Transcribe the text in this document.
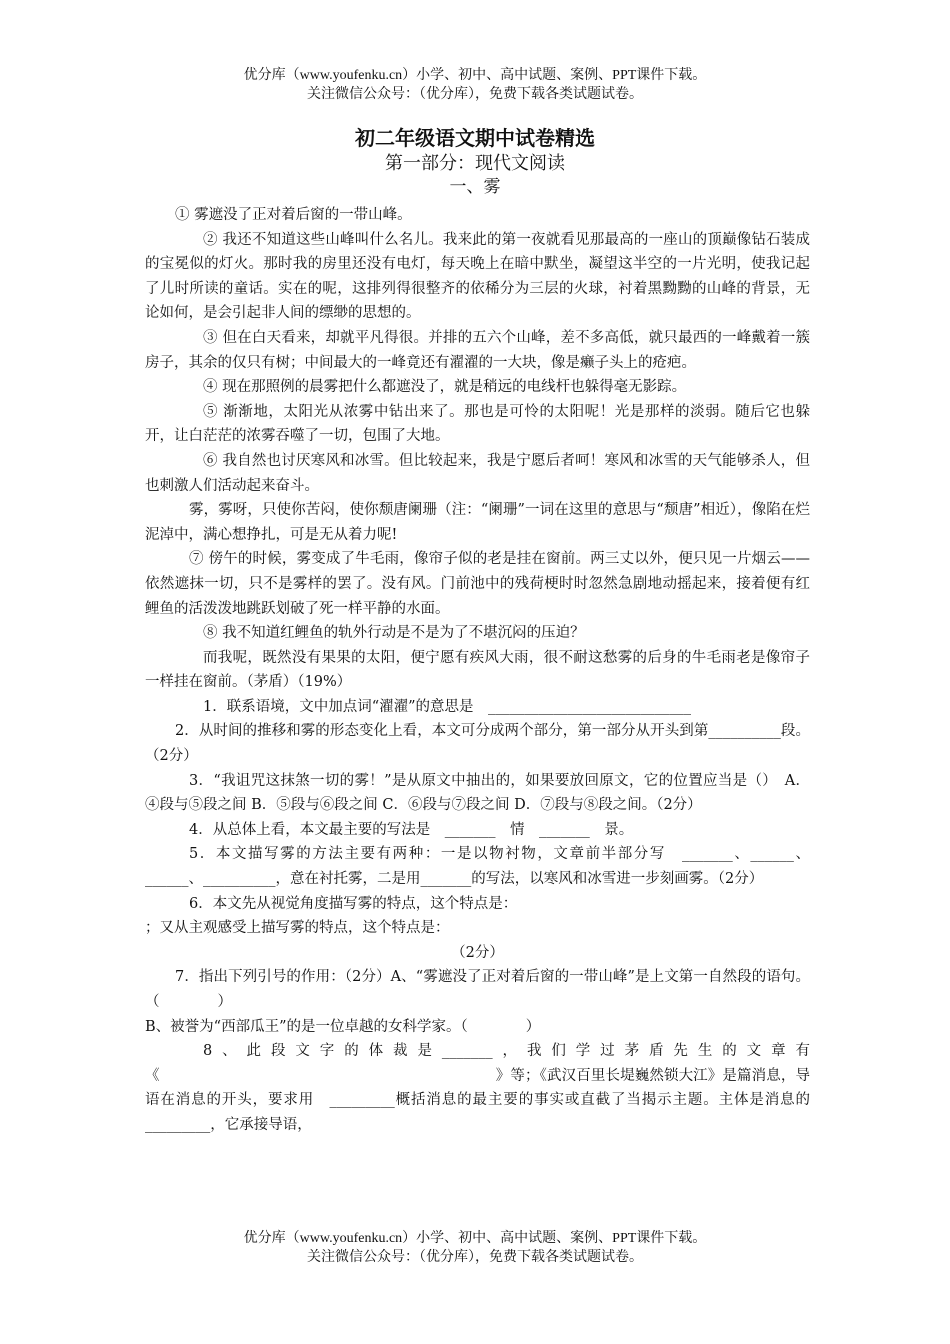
优分库（www.youfenku.cn）小学、初中、高中试题、案例、PPT课件下载。
关注微信公众号：（优分库），免费下载各类试题试卷。
初二年级语文期中试卷精选
第一部分：现代文阅读
一、雾

① 雾遮没了正对着后窗的一带山峰。

② 我还不知道这些山峰叫什么名儿。我来此的第一夜就看见那最高的一座山的顶巅像钻石装成的宝冕似的灯火。那时我的房里还没有电灯，每天晚上在暗中默坐，凝望这半空的一片光明，使我记起了儿时所读的童话。实在的呢，这排列得很整齐的依稀分为三层的火球，衬着黑黝黝的山峰的背景，无论如何，是会引起非人间的缥缈的思想的。

③ 但在白天看来，却就平凡得很。并排的五六个山峰，差不多高低，就只最西的一峰戴着一簇房子，其余的仅只有树；中间最大的一峰竟还有濯濯的一大块，像是癞子头上的疮疤。

④ 现在那照例的晨雾把什么都遮没了，就是稍远的电线杆也躲得毫无影踪。

⑤ 渐渐地，太阳光从浓雾中钻出来了。那也是可怜的太阳呢！光是那样的淡弱。随后它也躲开，让白茫茫的浓雾吞噬了一切，包围了大地。

⑥ 我自然也讨厌寒风和冰雪。但比较起来，我是宁愿后者呵！寒风和冰雪的天气能够杀人，但也刺激人们活动起来奋斗。

雾，雾呀，只使你苦闷，使你颓唐阑珊（注：“阑珊”一词在这里的意思与“颓唐”相近），像陷在烂泥淖中，满心想挣扎，可是无从着力呢!

⑦ 傍午的时候，雾变成了牛毛雨，像帘子似的老是挂在窗前。两三丈以外，便只见一片烟云——依然遮抹一切，只不是雾样的罢了。没有风。门前池中的残荷梗时时忽然急剧地动摇起来，接着便有红鲤鱼的活泼泼地跳跃划破了死一样平静的水面。

⑧ 我不知道红鲤鱼的轨外行动是不是为了不堪沉闷的压迫？

而我呢，既然没有果果的太阳，便宁愿有疾风大雨，很不耐这愁雾的后身的牛毛雨老是像帘子一样挂在窗前。（茅盾）（19%）

1．联系语境，文中加点词“濯濯”的意思是　____________________________

2．从时间的推移和雾的形态变化上看，本文可分成两个部分，第一部分从开头到第__________段。（2分）

3．“我诅咒这抹煞一切的雾！”是从原文中抽出的，如果要放回原文，它的位置应当是（）　A．④段与⑤段之间 B．⑤段与⑥段之间 C．⑥段与⑦段之间 D．⑦段与⑧段之间。（2分）

4．从总体上看，本文最主要的写法是　_______　情　_______　景。

5．本文描写雾的方法主要有两种：一是以物衬物，文章前半部分写　_______、______、______、__________，意在衬托雾，二是用_______的写法，以寒风和冰雪进一步刻画雾。（2分）

6．本文先从视觉角度描写雾的特点，这个特点是：

；又从主观感受上描写雾的特点，这个特点是：

（2分）

7．指出下列引号的作用：（2分）A、“雾遮没了正对着后窗的一带山峰”是上文第一自然段的语句。（　　　　）

B、被誉为“西部瓜王”的是一位卓越的女科学家。（　　　　）

8、此段文字的体裁是_______，我们学过茅盾先生的文章有《　　　　　　　　　　　　　　　　　　　　　　　》等；《武汉百里长堤巍然锁大江》是篇消息，导语在消息的开头，要求用　_________概括消息的最主要的事实或直截了当揭示主题。主体是消息的_________，它承接导语，

优分库（www.youfenku.cn）小学、初中、高中试题、案例、PPT课件下载。
关注微信公众号：（优分库），免费下载各类试题试卷。
